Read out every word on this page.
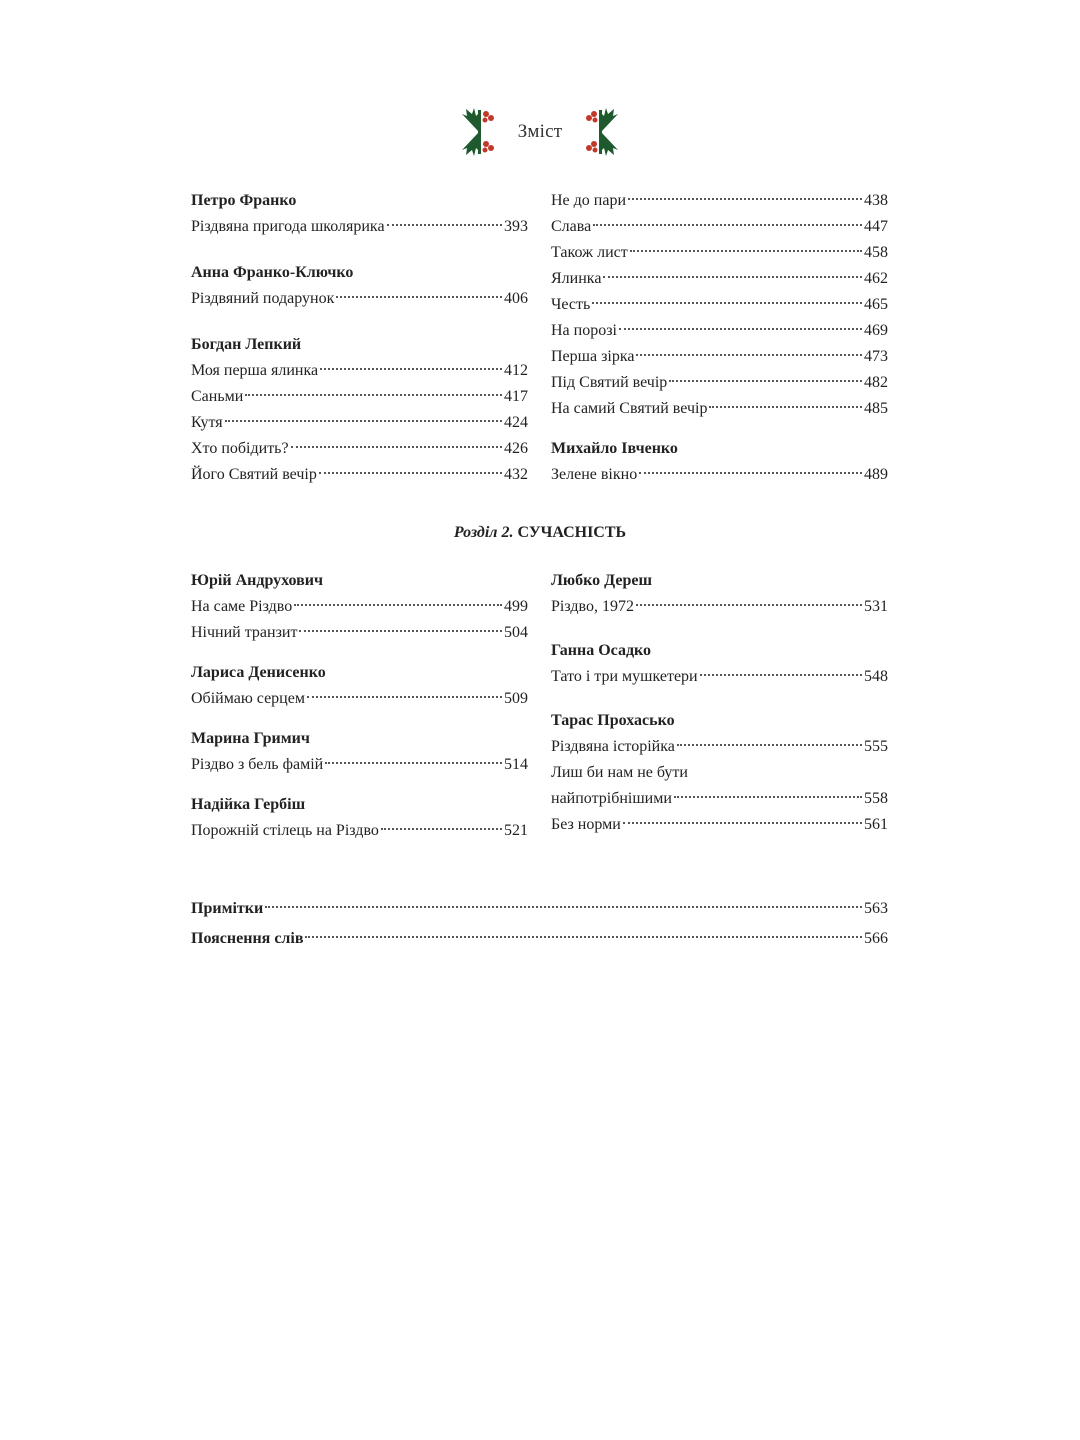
Зміст
Петро Франко
Різдвяна пригода школярика	393
Анна Франко-Ключко
Різдвяний подарунок	406
Богдан Лепкий
Моя перша ялинка	412
Саньми	417
Кутя	424
Хто побідить?	426
Його Святий вечір	432
Не до пари	438
Слава	447
Також лист	458
Ялинка	462
Честь	465
На порозі	469
Перша зірка	473
Під Святий вечір	482
На самий Святий вечір	485
Михайло Івченко
Зелене вікно	489
Розділ 2. СУЧАСНІСТЬ
Юрій Андрухович
На саме Різдво	499
Нічний транзит	504
Лариса Денисенко
Обіймаю серцем	509
Марина Гримич
Різдво з бель фамій	514
Надійка Гербіш
Порожній стілець на Різдво	521
Любко Дереш
Різдво, 1972	531
Ганна Осадко
Тато і три мушкетери	548
Тарас Прохасько
Різдвяна історійка	555
Лиш би нам не бути
найпотрібнішими	558
Без норми	561
Примітки	563
Пояснення слів	566
